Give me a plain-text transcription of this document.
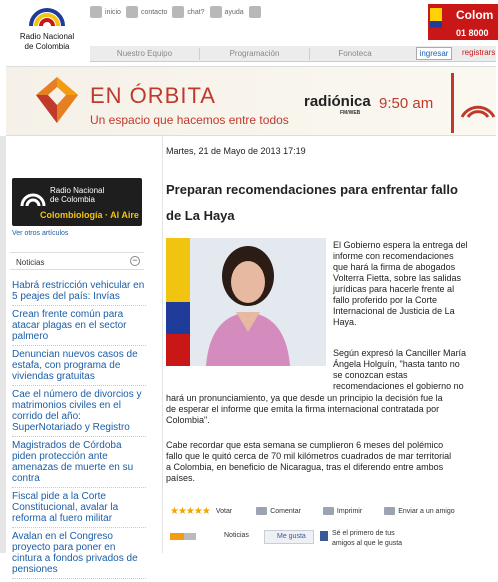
Radio Nacional
de Colombia
inicio	contacto	chat?	ayuda	Colom
01 8000
Nuestro Equipo	Programación	Fonoteca	ingresar	registrars
EN ÓRBITA
Un espacio que hacemos entre todos
radiónica
FM/WEB
9:50 am
Radio Nacional
de Colombia
Colombiología · Al Aire
Ver otros artículos
Noticias	−
Habrá restricción vehicular en 5 peajes del país: Invías
Crean frente común para atacar plagas en el sector palmero
Denuncian nuevos casos de estafa, con programa de viviendas gratuitas
Cae el número de divorcios y matrimonios civiles en el corrido del año: SuperNotariado y Registro
Magistrados de Córdoba piden protección ante amenazas de muerte en su contra
Fiscal pide a la Corte Constitucional, avalar la reforma al fuero militar
Avalan en el Congreso proyecto para poner en cintura a fondos privados de pensiones
Martes, 21 de Mayo de 2013 17:19
Preparan recomendaciones para enfrentar fallo
de La Haya
El Gobierno espera la entrega del
informe con recomendaciones
que hará la firma de abogados
Volterra Fietta, sobre las salidas
jurídicas para hacerle frente al
fallo proferido por la Corte
Internacional de Justicia de La
Haya.
Según expresó la Canciller María
Ángela Holguín, "hasta tanto no
se conozcan estas
recomendaciones el gobierno no
hará un pronunciamiento, ya que desde un principio la decisión fue la
de esperar el informe que emita la firma internacional contratada por
Colombia".
Cabe recordar que esta semana se cumplieron 6 meses del polémico
fallo que le quitó cerca de 70 mil kilómetros cuadrados de mar territorial
a Colombia, en beneficio de Nicaragua, tras el diferendo entre ambos
países.
★★★★★ Votar	Comentar	Imprimir	Enviar a un amigo
Noticias	Me gusta	Sé el primero de tus
amigos al que le gusta
